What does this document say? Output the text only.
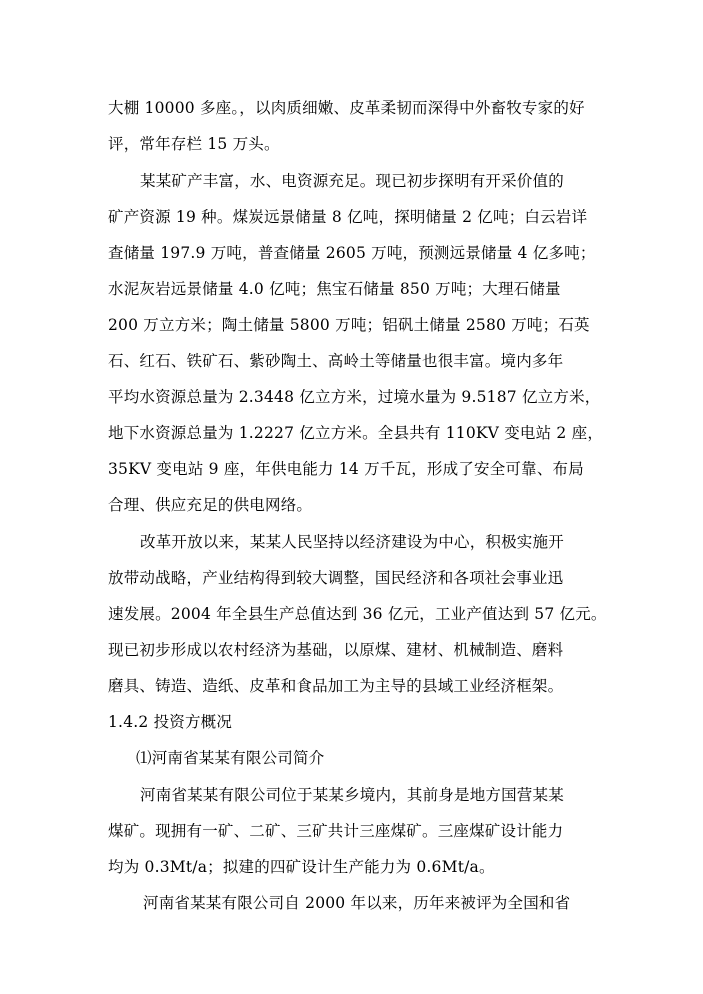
大棚 10000 多座。，以肉质细嫩、皮革柔韧而深得中外畜牧专家的好
评，常年存栏 15 万头。
某某矿产丰富，水、电资源充足。现已初步探明有开采价值的
矿产资源 19 种。煤炭远景储量 8 亿吨，探明储量 2 亿吨；白云岩详
查储量 197.9 万吨，普查储量 2605 万吨，预测远景储量 4 亿多吨；
水泥灰岩远景储量 4.0 亿吨；焦宝石储量 850 万吨；大理石储量
200 万立方米；陶土储量 5800 万吨；铝矾土储量 2580 万吨；石英
石、红石、铁矿石、紫砂陶土、高岭土等储量也很丰富。境内多年
平均水资源总量为 2.3448 亿立方米，过境水量为 9.5187 亿立方米，
地下水资源总量为 1.2227 亿立方米。全县共有 110KV 变电站 2 座，
35KV 变电站 9 座，年供电能力 14 万千瓦，形成了安全可靠、布局
合理、供应充足的供电网络。
改革开放以来，某某人民坚持以经济建设为中心，积极实施开
放带动战略，产业结构得到较大调整，国民经济和各项社会事业迅
速发展。2004 年全县生产总值达到 36 亿元，工业产值达到 57 亿元。
现已初步形成以农村经济为基础，以原煤、建材、机械制造、磨料
磨具、铸造、造纸、皮革和食品加工为主导的县域工业经济框架。
1.4.2 投资方概况
⑴河南省某某有限公司简介
河南省某某有限公司位于某某乡境内，其前身是地方国营某某
煤矿。现拥有一矿、二矿、三矿共计三座煤矿。三座煤矿设计能力
均为 0.3Mt/a；拟建的四矿设计生产能力为 0.6Mt/a。
河南省某某有限公司自 2000 年以来，历年来被评为全国和省
